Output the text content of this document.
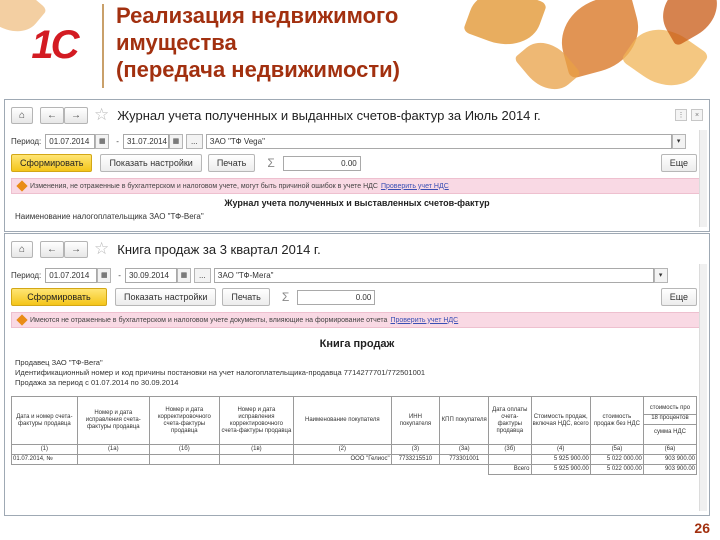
1С
Реализация недвижимого
имущества
(передача недвижимости)
⌂	←	→ ☆ Журнал учета полученных и выданных счетов-фактур за Июль 2014 г.	⋮	×
Период:	01.07.2014	▦	-	31.07.2014 ▦	...	ЗАО "ТФ Vega"	▾
Сформировать	Показать настройки	Печать	Σ	0.00	Еще
Изменения, не отраженные в бухгалтерском и налоговом учете, могут быть причиной ошибок в учете НДС Проверить учет НДС
Журнал учета полученных и выставленных счетов-фактур
Наименование налогоплательщика ЗАО "ТФ-Вега"
⌂	←	→ ☆ Книга продаж за 3 квартал 2014 г.
Период:	01.07.2014	▦	-	30.09.2014	▦	...	ЗАО "ТФ-Мега"	▾
Сформировать	Показать настройки	Печать	Σ	0.00	Еще
Имеются не отраженные в бухгалтерском и налоговом учете документы, влияющие на формирование отчета Проверить учет НДС
Книга продаж
Продавец ЗАО "ТФ-Вега"
Идентификационный номер и код причины постановки на учет налогоплательщика-продавца 7714277701/772501001
Продажа за период с 01.07.2014 по 30.09.2014
Дата и номер счета-фактуры продавца	Номер и дата исправления счета-фактуры продавца	Номер и дата корректировочного счета-фактуры продавца	Номер и дата исправления корректировочного счета-фактуры продавца	Наименование покупателя	ИНН покупателя	КПП покупателя	Дата оплаты счета-фактуры продавца	Стоимость продаж, включая НДС, всего	стоимость продаж без НДС	стоимость про
18 процентов
сумма НДС

(1)	(1а)	(1б)	(1в)	(2)	(3)	(3а)	(3б)	(4)	(5а)	(6а)
01.07.2014, №				ООО "Гелиос"	7733215510	773301001		5 925 900.00	5 022 000.00	903 900.00
							Всего	5 925 900.00	5 022 000.00	903 900.00
26
